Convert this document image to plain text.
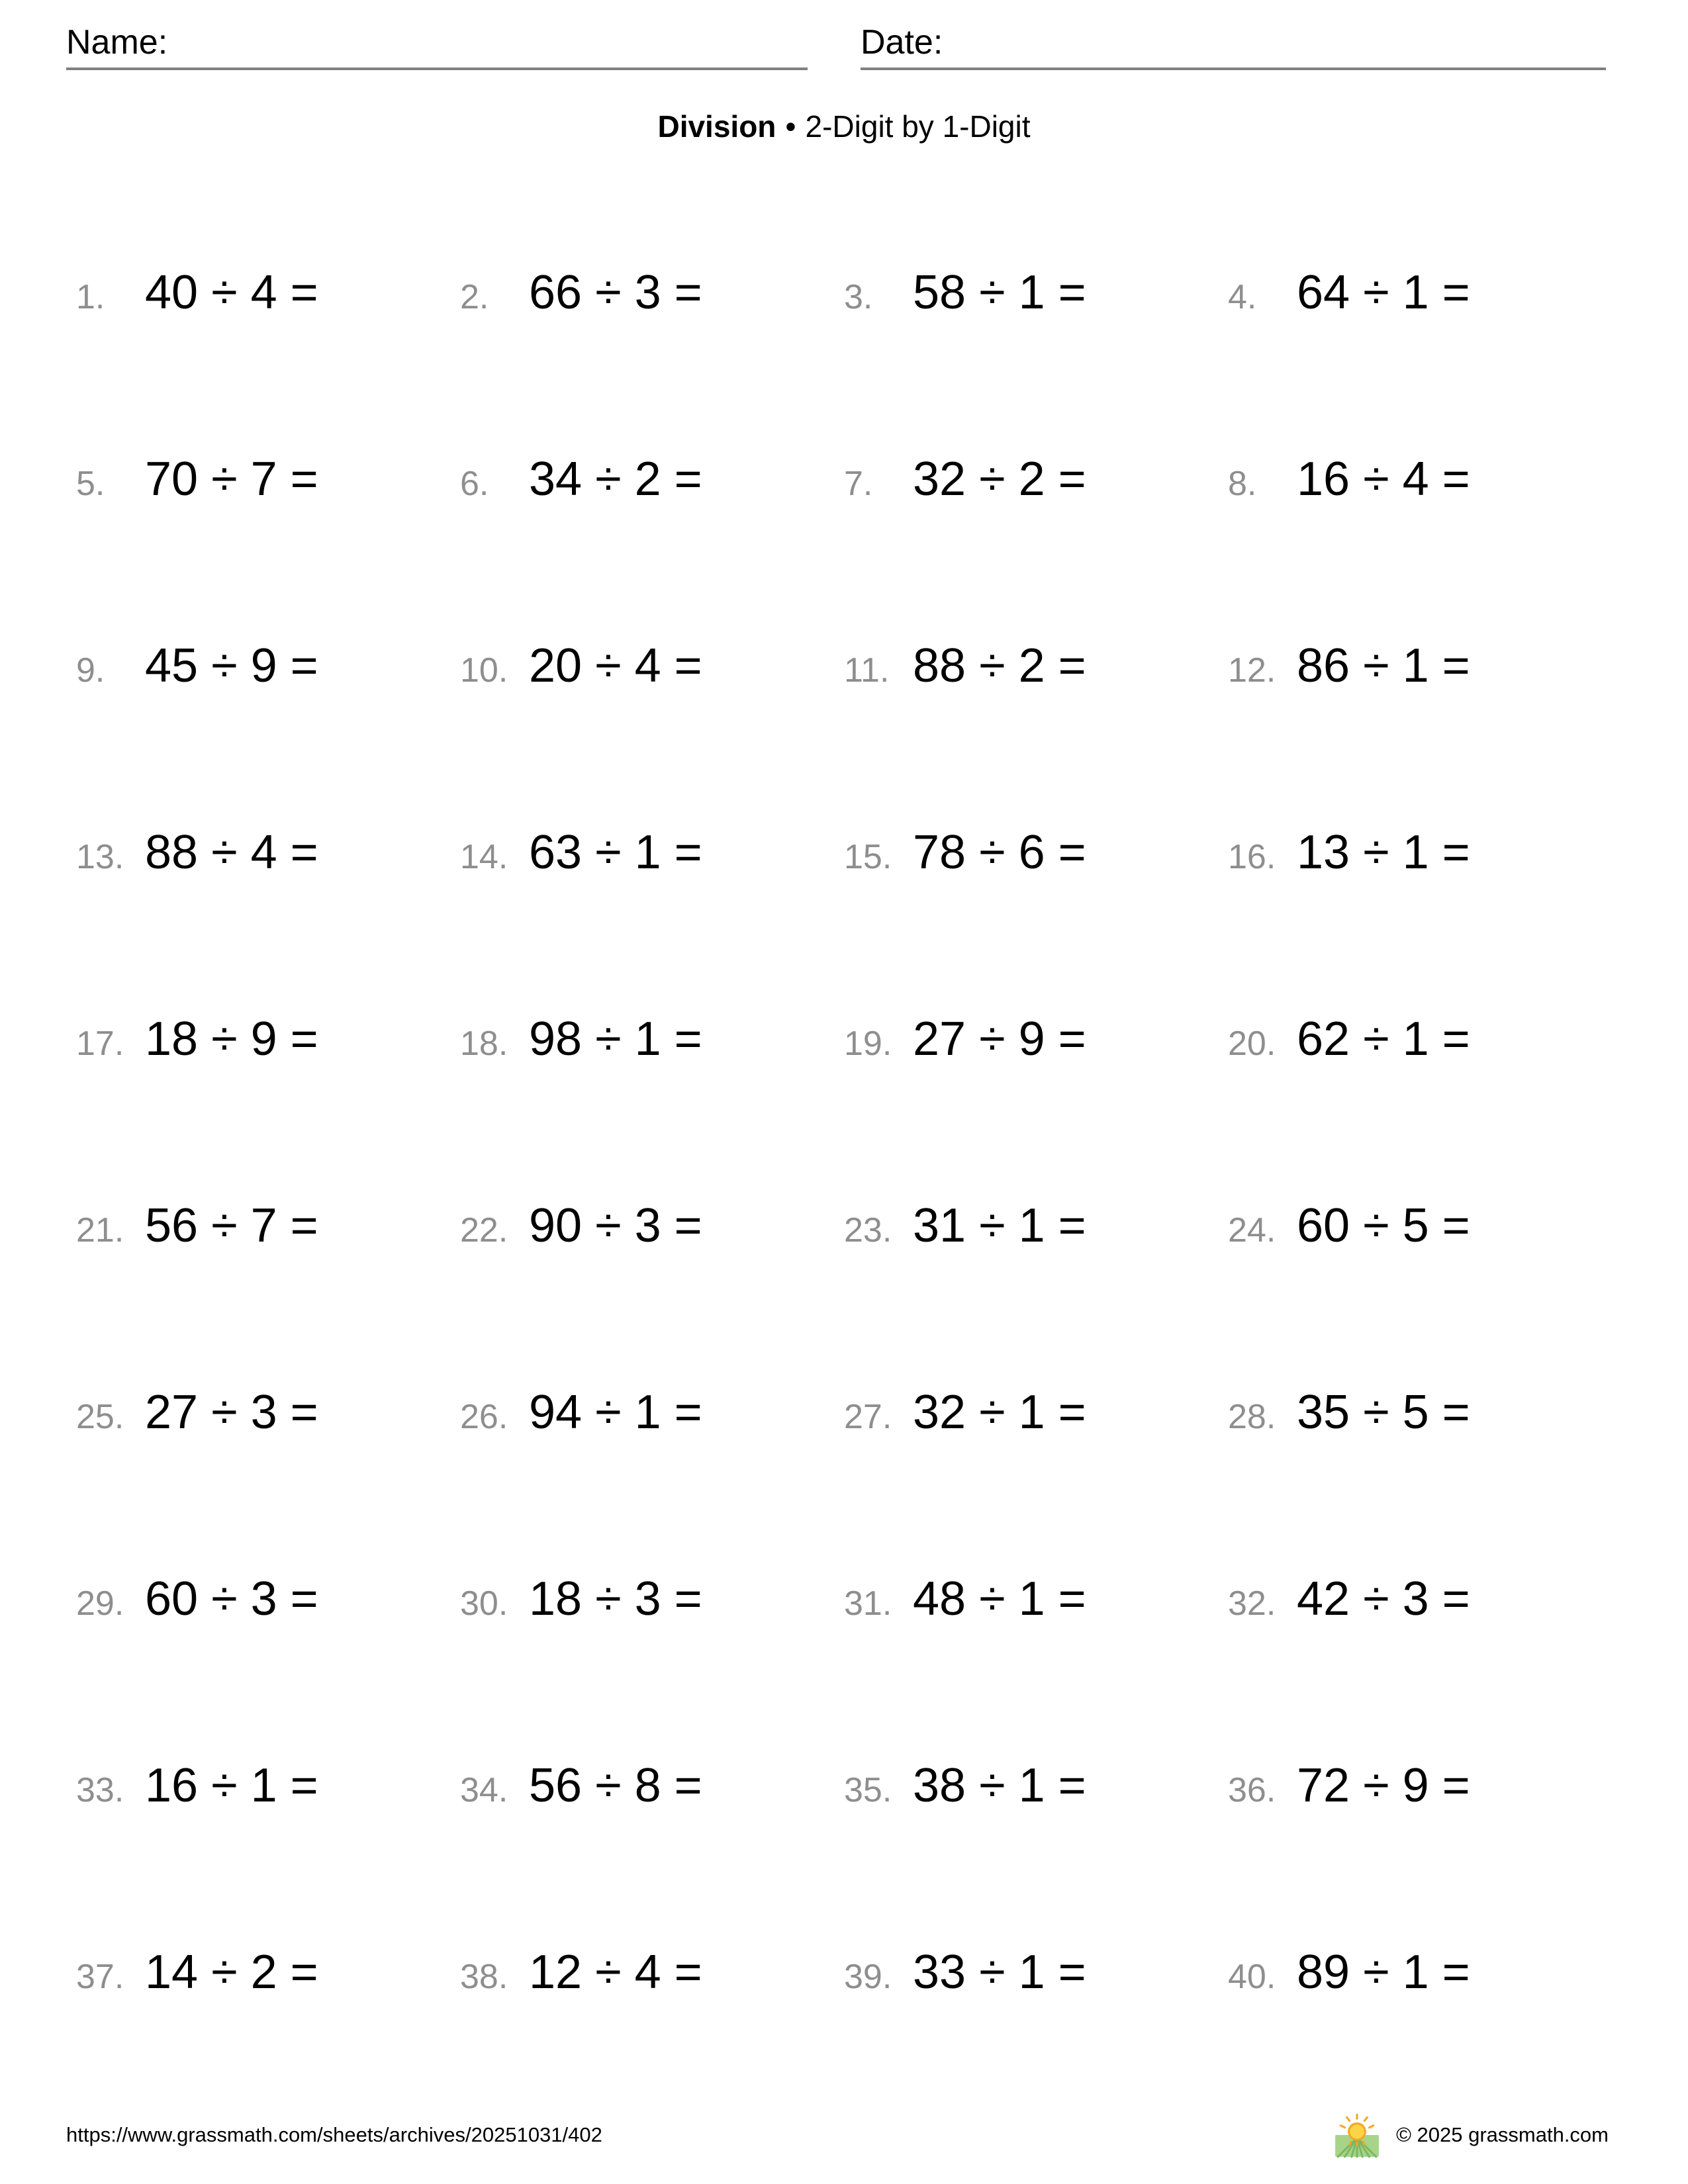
Name:	Date:
Division • 2-Digit by 1-Digit
1. 40 ÷ 4 =	2. 66 ÷ 3 =	3. 58 ÷ 1 =	4. 64 ÷ 1 =
5. 70 ÷ 7 =	6. 34 ÷ 2 =	7. 32 ÷ 2 =	8. 16 ÷ 4 =
9. 45 ÷ 9 =	10. 20 ÷ 4 =	11. 88 ÷ 2 =	12. 86 ÷ 1 =
13. 88 ÷ 4 =	14. 63 ÷ 1 =	15. 78 ÷ 6 =	16. 13 ÷ 1 =
17. 18 ÷ 9 =	18. 98 ÷ 1 =	19. 27 ÷ 9 =	20. 62 ÷ 1 =
21. 56 ÷ 7 =	22. 90 ÷ 3 =	23. 31 ÷ 1 =	24. 60 ÷ 5 =
25. 27 ÷ 3 =	26. 94 ÷ 1 =	27. 32 ÷ 1 =	28. 35 ÷ 5 =
29. 60 ÷ 3 =	30. 18 ÷ 3 =	31. 48 ÷ 1 =	32. 42 ÷ 3 =
33. 16 ÷ 1 =	34. 56 ÷ 8 =	35. 38 ÷ 1 =	36. 72 ÷ 9 =
37. 14 ÷ 2 =	38. 12 ÷ 4 =	39. 33 ÷ 1 =	40. 89 ÷ 1 =
https://www.grassmath.com/sheets/archives/20251031/402	© 2025 grassmath.com
